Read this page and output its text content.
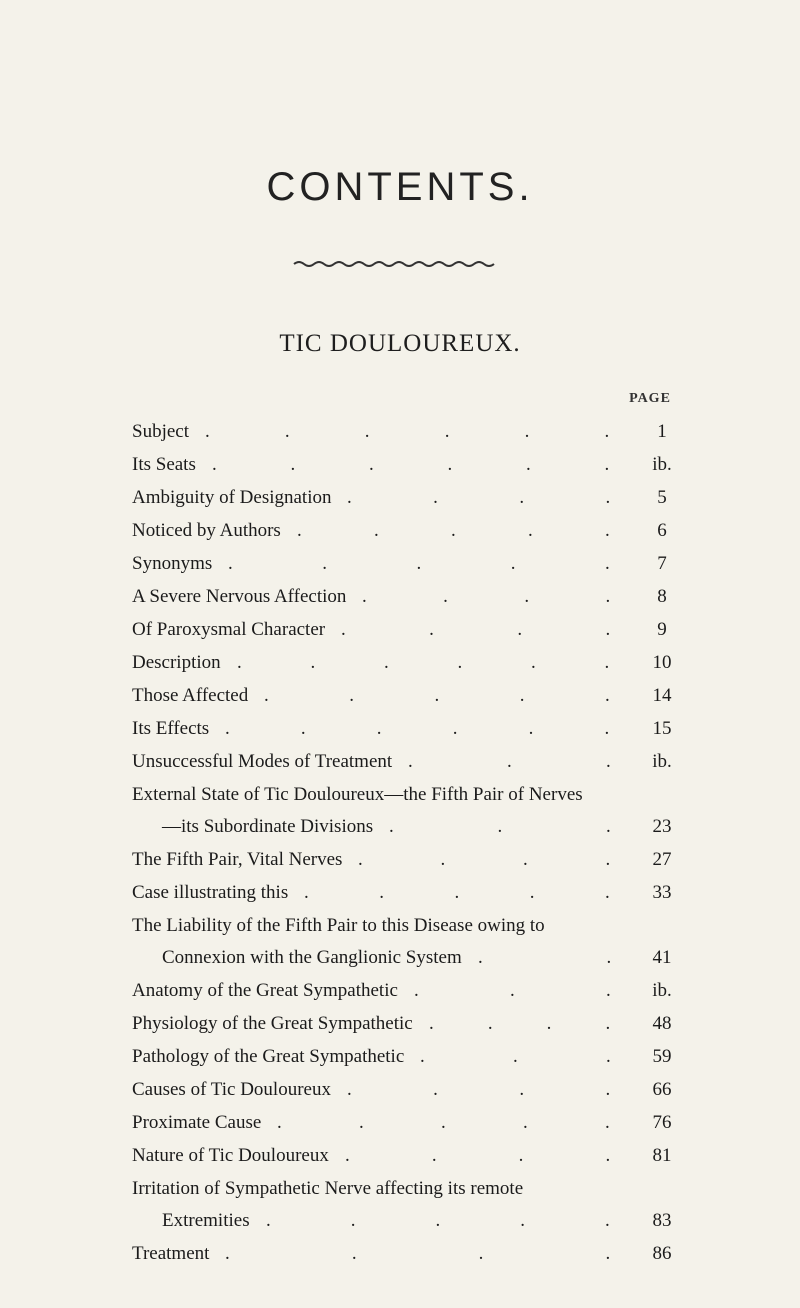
CONTENTS.
TIC DOULOUREUX.
PAGE
Subject . . . . . .	1
Its Seats . . . . . .	ib.
Ambiguity of Designation . . . .	5
Noticed by Authors . . . . .	6
Synonyms . . . . .	7
A Severe Nervous Affection . . . .	8
Of Paroxysmal Character . . . .	9
Description . . . . . .	10
Those Affected . . . . .	14
Its Effects . . . . . .	15
Unsuccessful Modes of Treatment . . .	ib.
External State of Tic Douloureux—the Fifth Pair of Nerves
—its Subordinate Divisions . . .	23
The Fifth Pair, Vital Nerves . . . .	27
Case illustrating this . . . . .	33
The Liability of the Fifth Pair to this Disease owing to
Connexion with the Ganglionic System . .	41
Anatomy of the Great Sympathetic . . .	ib.
Physiology of the Great Sympathetic . . . .	48
Pathology of the Great Sympathetic . . .	59
Causes of Tic Douloureux . . . .	66
Proximate Cause . . . . .	76
Nature of Tic Douloureux . . . .	81
Irritation of Sympathetic Nerve affecting its remote
Extremities . . . . .	83
Treatment . . . .	86
